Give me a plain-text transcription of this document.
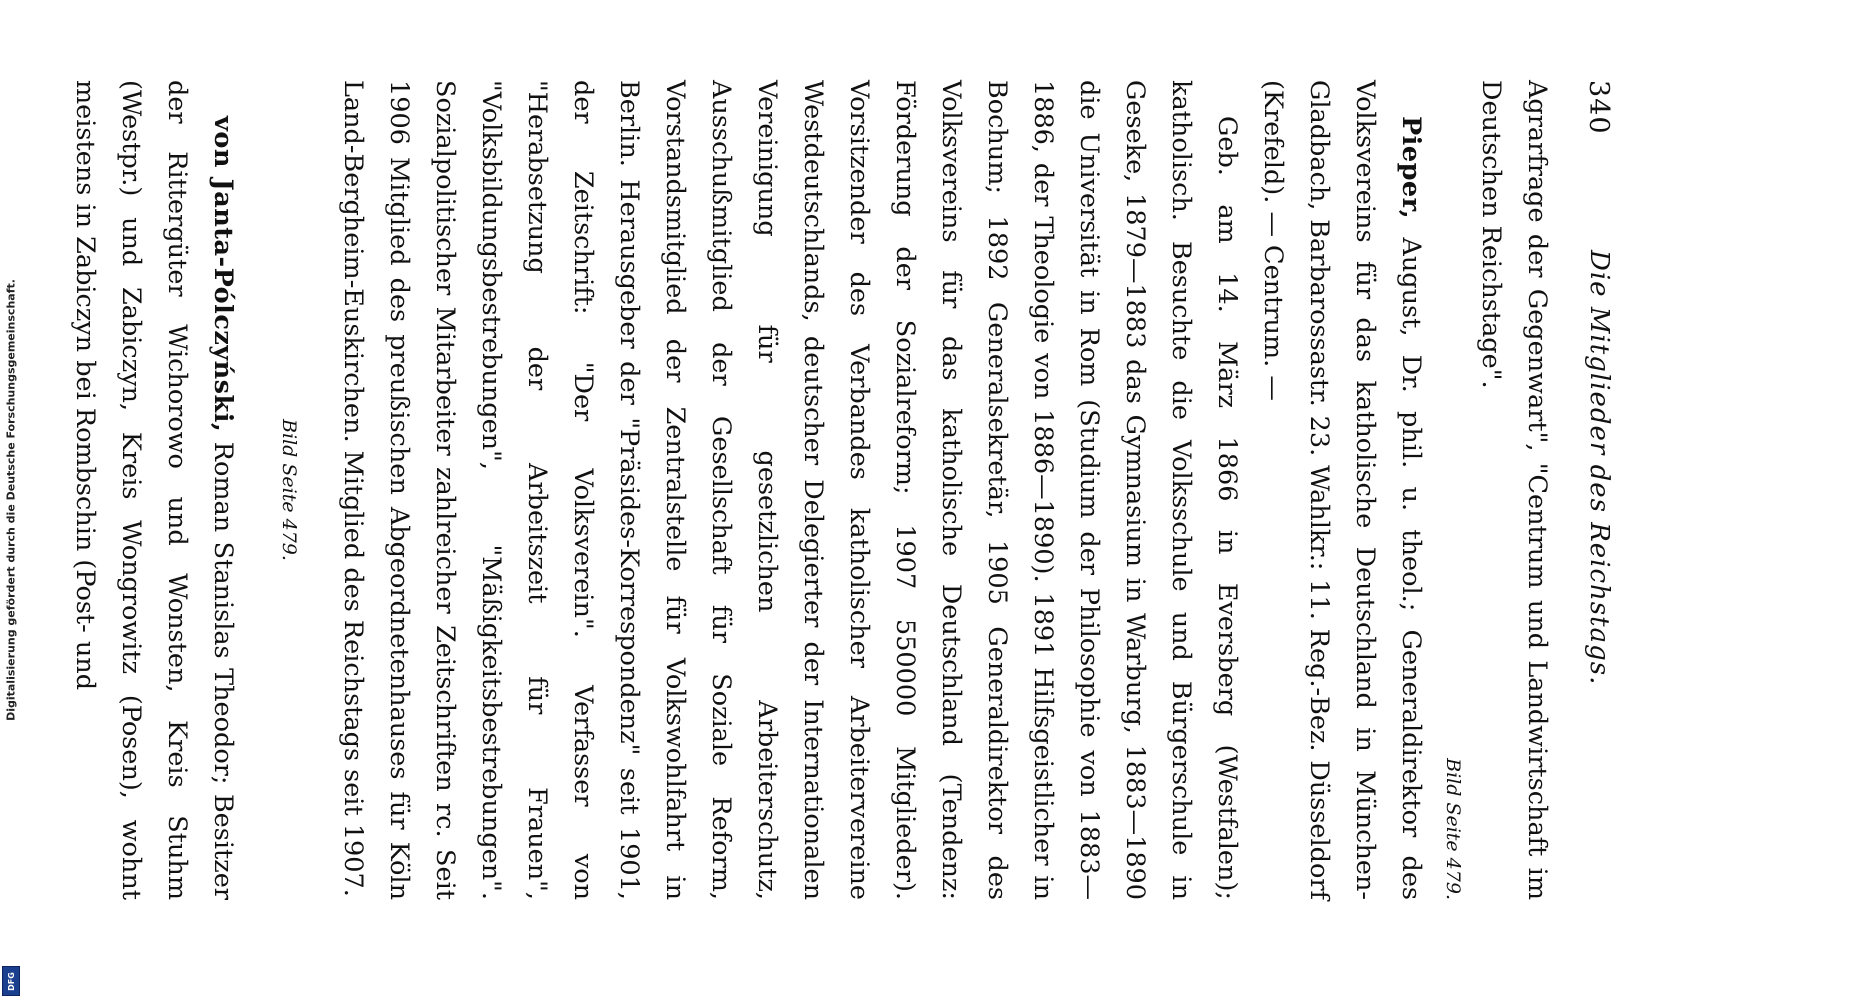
Digitalisierung gefördert durch die Deutsche Forschungsgemeinschaft.
DFG
340
Die Mitglieder des Reichstags.

Agrarfrage der Gegenwart", "Centrum und Landwirtschaft im Deutschen Reichstage".

Bild Seite 479.

Pieper, August, Dr. phil. u. theol.; Generaldirektor des Volksvereins für das katholische Deutschland in München-Gladbach, Barbarossastr. 23. Wahlkr.: 11. Reg.-Bez. Düsseldorf (Krefeld). — Centrum. —

Geb. am 14. März 1866 in Eversberg (Westfalen); katholisch. Besuchte die Volksschule und Bürgerschule in Geseke, 1879—1883 das Gymnasium in Warburg, 1883—1890 die Universität in Rom (Studium der Philosophie von 1883—1886, der Theologie von 1886—1890). 1891 Hilfsgeistlicher in Bochum; 1892 Generalsekretär, 1905 Generaldirektor des Volksvereins für das katholische Deutschland (Tendenz: Förderung der Sozialreform; 1907 550000 Mitglieder). Vorsitzender des Verbandes katholischer Arbeitervereine Westdeutschlands, deutscher Delegierter der Internationalen Vereinigung für gesetzlichen Arbeiterschutz, Ausschußmitglied der Gesellschaft für Soziale Reform, Vorstandsmitglied der Zentralstelle für Volkswohlfahrt in Berlin. Herausgeber der "Präsides-Korrespondenz" seit 1901, der Zeitschrift: "Der Volksverein". Verfasser von "Herabsetzung der Arbeitszeit für Frauen", "Volksbildungsbestrebungen", "Mäßigkeitsbestrebungen". Sozialpolitischer Mitarbeiter zahlreicher Zeitschriften rc. Seit 1906 Mitglied des preußischen Abgeordnetenhauses für Köln Land-Bergheim-Euskirchen. Mitglied des Reichstags seit 1907.

Bild Seite 479.

von Janta-Pólczyński, Roman Stanislas Theodor; Besitzer der Rittergüter Wichorowo und Wonsten, Kreis Stuhm (Westpr.) und Zabiczyn, Kreis Wongrowitz (Posen), wohnt meistens in Zabiczyn bei Rombschin (Post- und
